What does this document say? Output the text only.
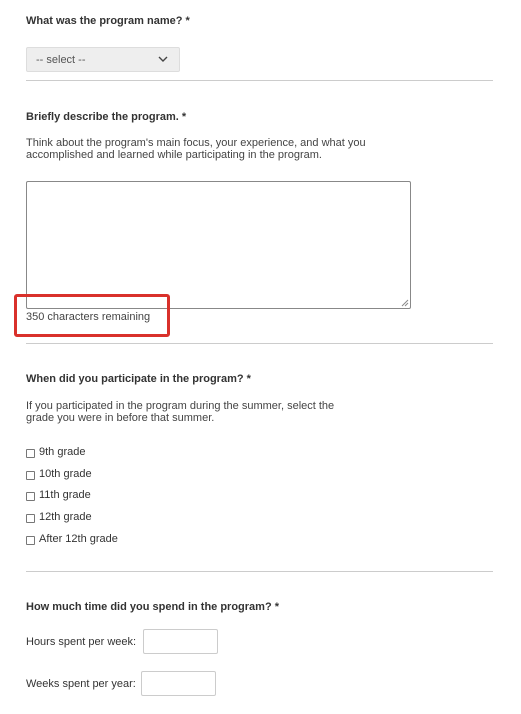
What was the program name? *
-- select --
Briefly describe the program. *
Think about the program's main focus, your experience, and what you
accomplished and learned while participating in the program.
350 characters remaining
When did you participate in the program? *
If you participated in the program during the summer, select the
grade you were in before that summer.
9th grade
10th grade
11th grade
12th grade
After 12th grade
How much time did you spend in the program? *
Hours spent per week:
Weeks spent per year:
